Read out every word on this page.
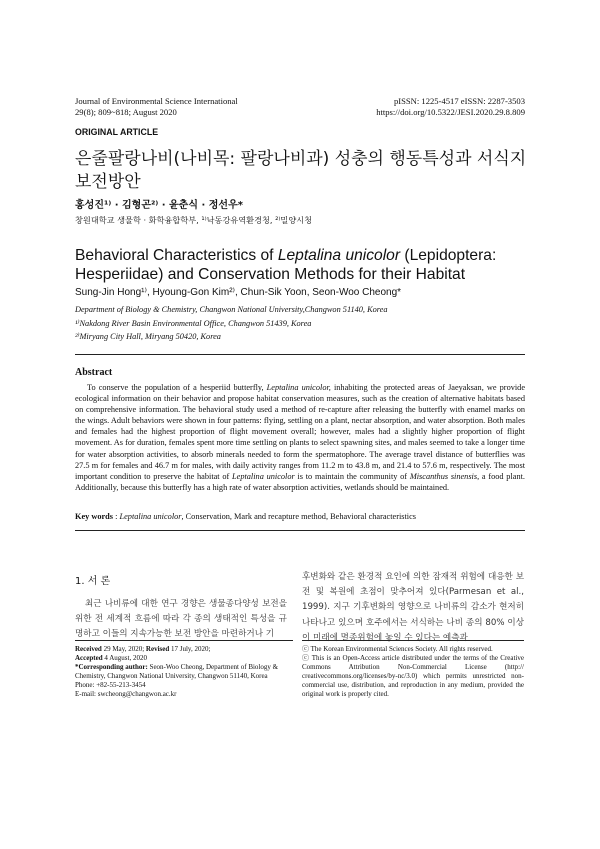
Journal of Environmental Science International
29(8); 809~818; August 2020
pISSN: 1225-4517 eISSN: 2287-3503
https://doi.org/10.5322/JESI.2020.29.8.809
ORIGINAL ARTICLE
은줄팔랑나비(나비목: 팔랑나비과) 성충의 행동특성과 서식지 보전방안
홍성진¹⁾ · 김형곤²⁾ · 윤춘식 · 정선우*
창원대학교 생물학 · 화학융합학부, ¹⁾낙동강유역환경청, ²⁾밀양시청
Behavioral Characteristics of Leptalina unicolor (Lepidoptera: Hesperiidae) and Conservation Methods for their Habitat
Sung-Jin Hong¹⁾, Hyoung-Gon Kim²⁾, Chun-Sik Yoon, Seon-Woo Cheong*
Department of Biology & Chemistry, Changwon National University,Changwon 51140, Korea
¹⁾Nakdong River Basin Environmental Office, Changwon 51439, Korea
²⁾Miryang City Hall, Miryang 50420, Korea
Abstract
To conserve the population of a hesperiid butterfly, Leptalina unicolor, inhabiting the protected areas of Jaeyaksan, we provide ecological information on their behavior and propose habitat conservation measures, such as the creation of alternative habitats based on comprehensive information. The behavioral study used a method of re-capture after releasing the butterfly with enamel marks on the wings. Adult behaviors were shown in four patterns: flying, settling on a plant, nectar absorption, and water absorption. Both males and females had the highest proportion of flight movement overall; however, males had a slightly higher proportion of flight movement. As for duration, females spent more time settling on plants to select spawning sites, and males seemed to take a longer time for water absorption activities, to absorb minerals needed to form the spermatophore. The average travel distance of butterflies was 27.5 m for females and 46.7 m for males, with daily activity ranges from 11.2 m to 43.8 m, and 21.4 to 57.6 m, respectively. The most important condition to preserve the habitat of Leptalina unicolor is to maintain the community of Miscanthus sinensis, a food plant. Additionally, because this butterfly has a high rate of water absorption activities, wetlands should be maintained.
Key words : Leptalina unicolor, Conservation, Mark and recapture method, Behavioral characteristics
1. 서 론
최근 나비류에 대한 연구 경향은 생물종다양성 보전을 위한 전 세계적 흐름에 따라 각 종의 생태적인 특성을 규명하고 이들의 지속가능한 보전 방안을 마련하거나 기
후변화와 같은 환경적 요인에 의한 잠재적 위험에 대응한 보전 및 복원에 초점이 맞추어져 있다(Parmesan et al., 1999). 지구 기후변화의 영향으로 나비류의 감소가 현저히 나타나고 있으며 호주에서는 서식하는 나비 종의 80% 이상이 미래에 멸종위험에 놓일 수 있다는 예측과
Received 29 May, 2020; Revised 17 July, 2020;
Accepted 4 August, 2020
*Corresponding author: Seon-Woo Cheong, Department of Biology & Chemistry, Changwon National University, Changwon 51140, Korea
Phone: +82-55-213-3454
E-mail: swcheong@changwon.ac.kr
ⓒ The Korean Environmental Sciences Society. All rights reserved.
ⓒ This is an Open-Access article distributed under the terms of the Creative Commons Attribution Non-Commercial License (http:// creativecommons.org/licenses/by-nc/3.0) which permits unrestricted non-commercial use, distribution, and reproduction in any medium, provided the original work is properly cited.
